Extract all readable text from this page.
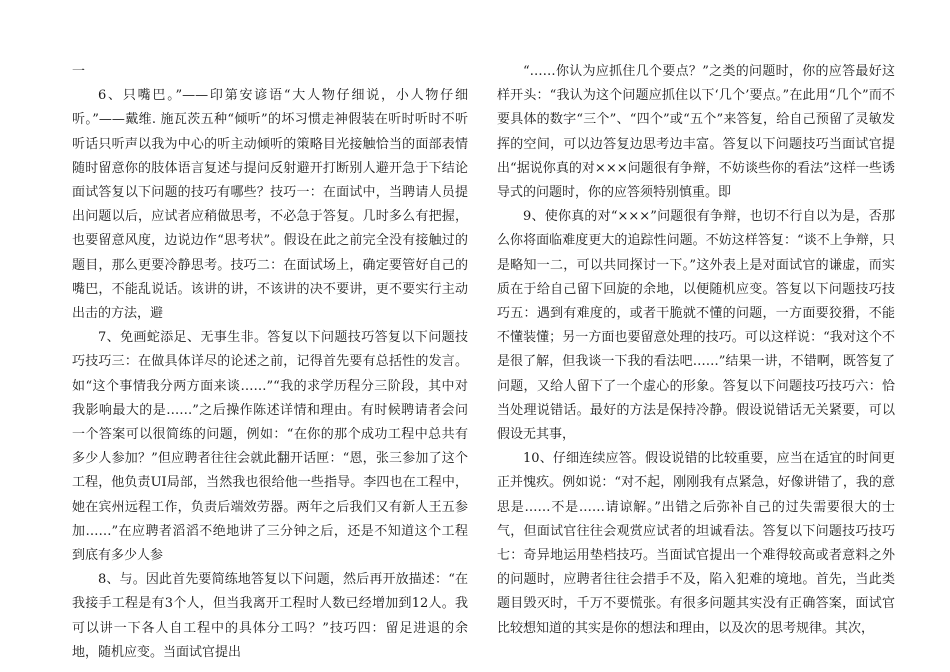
一

6、只嘴巴。”——印第安谚语“大人物仔细说，小人物仔细听。”——戴维. 施瓦茨五种“倾听”的坏习惯走神假装在听时听时不听听话只听声以我为中心的听主动倾听的策略目光接触恰当的面部表情随时留意你的肢体语言复述与提问反射避开打断别人避开急于下结论面试答复以下问题的技巧有哪些？技巧一：在面试中，当聘请人员提出问题以后，应试者应稍做思考，不必急于答复。几时多么有把握，也要留意风度，边说边作“思考状”。假设在此之前完全没有接触过的题目，那么更要冷静思考。技巧二：在面试场上，确定要管好自己的嘴巴，不能乱说话。该讲的讲，不该讲的决不要讲，更不要实行主动出击的方法，避

7、免画蛇添足、无事生非。答复以下问题技巧答复以下问题技巧技巧三：在做具体详尽的论述之前，记得首先要有总括性的发言。如“这个事情我分两方面来谈……”“我的求学历程分三阶段，其中对我影响最大的是……”之后操作陈述详情和理由。有时候聘请者会问一个答案可以很简练的问题，例如：“在你的那个成功工程中总共有多少人参加？”但应聘者往往会就此翻开话匣：“恩，张三参加了这个工程，他负责UI局部，当然我也很给他一些指导。李四也在工程中，她在宾州远程工作，负责后端效劳器。两年之后我们又有新人王五参加……”在应聘者滔滔不绝地讲了三分钟之后，还是不知道这个工程到底有多少人参

8、与。因此首先要简练地答复以下问题，然后再开放描述：“在我接手工程是有3个人，但当我离开工程时人数已经增加到12人。我可以讲一下各人自工程中的具体分工吗？”技巧四：留足进退的余地，随机应变。当面试官提出

“……你认为应抓住几个要点？”之类的问题时，你的应答最好这样开头：“我认为这个问题应抓住以下‘几个’要点。”在此用“几个”而不要具体的数字“三个”、“四个”或“五个”来答复，给自己预留了灵敏发挥的空间，可以边答复边思考边丰富。答复以下问题技巧当面试官提出“据说你真的对×××问题很有争辩，不妨谈些你的看法”这样一些诱导式的问题时，你的应答须特别慎重。即

9、使你真的对“×××”问题很有争辩，也切不行自以为是，否那么你将面临难度更大的追踪性问题。不妨这样答复：“谈不上争辩，只是略知一二，可以共同探讨一下。”这外表上是对面试官的谦虚，而实质在于给自己留下回旋的余地，以便随机应变。答复以下问题技巧技巧五：遇到有难度的，或者干脆就不懂的问题，一方面要狡猾，不能不懂装懂；另一方面也要留意处理的技巧。可以这样说：“我对这个不是很了解，但我谈一下我的看法吧……”结果一讲，不错啊，既答复了问题，又给人留下了一个虚心的形象。答复以下问题技巧技巧六：恰当处理说错话。最好的方法是保持冷静。假设说错话无关紧要，可以假设无其事，

10、仔细连续应答。假设说错的比较重要，应当在适宜的时间更正并愧疚。例如说：“对不起，刚刚我有点紧急，好像讲错了，我的意思是……不是……请谅解。”出错之后弥补自己的过失需要很大的士气，但面试官往往会观赏应试者的坦诚看法。答复以下问题技巧技巧七：奇异地运用垫档技巧。当面试官提出一个难得较高或者意料之外的问题时，应聘者往往会措手不及，陷入犯难的境地。首先，当此类题目毁灭时，千万不要慌张。有很多问题其实没有正确答案，面试官比较想知道的其实是你的想法和理由，以及次的思考规律。其次，
